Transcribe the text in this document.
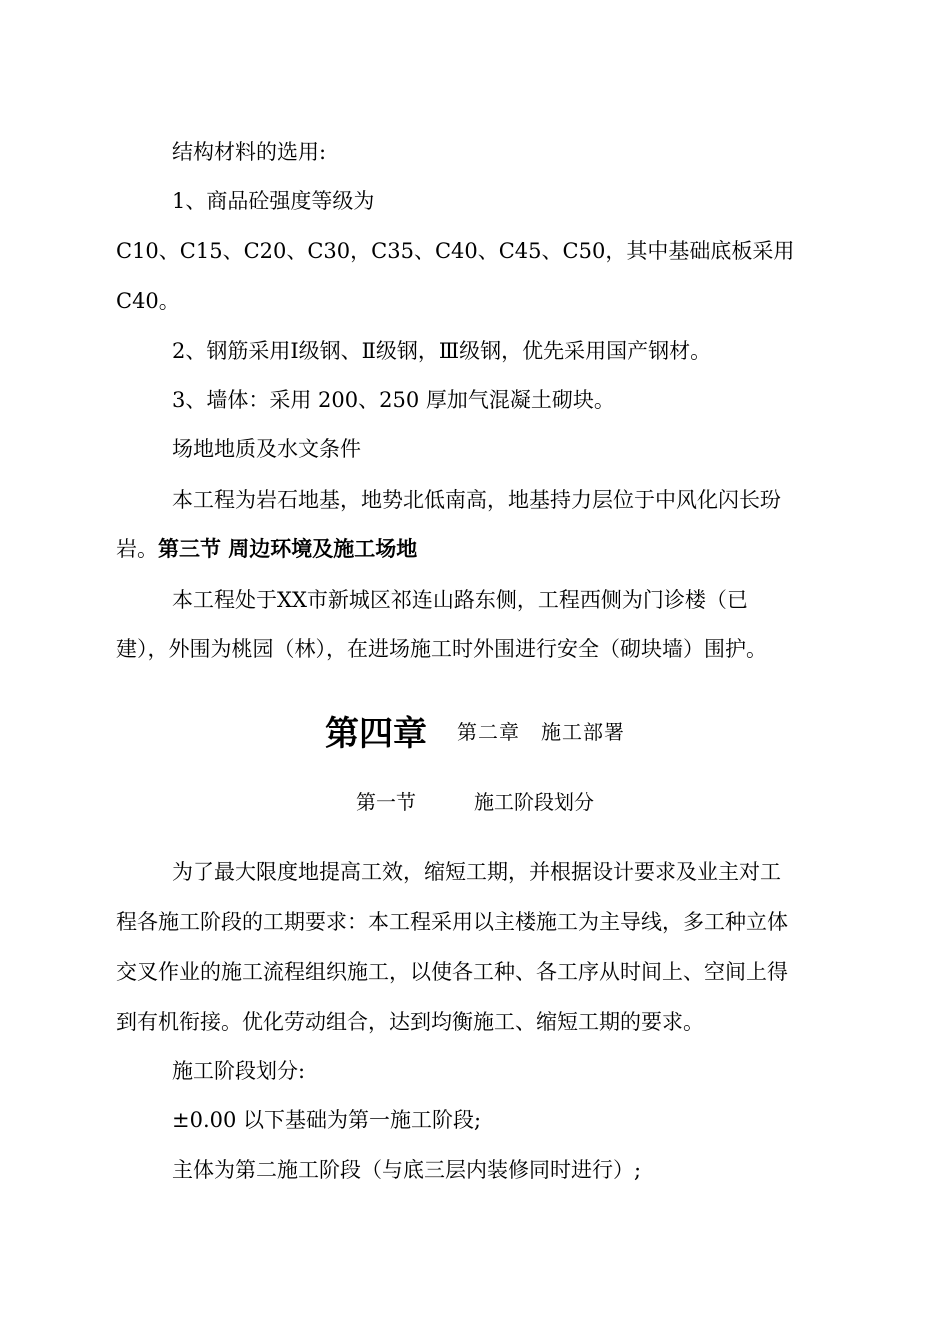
结构材料的选用:
1、商品砼强度等级为
C10、C15、C20、C30，C35、C40、C45、C50，其中基础底板采用
C40。
2、钢筋采用Ⅰ级钢、Ⅱ级钢，Ⅲ级钢，优先采用国产钢材。
3、墙体：采用 200、250 厚加气混凝土砌块。
场地地质及水文条件
本工程为岩石地基，地势北低南高，地基持力层位于中风化闪长玢
岩。第三节 周边环境及施工场地
本工程处于XX市新城区祁连山路东侧，工程西侧为门诊楼（已
建），外围为桃园（林），在进场施工时外围进行安全（砌块墙）围护。
第四章 第二章　施工部署
第一节	施工阶段划分
为了最大限度地提高工效，缩短工期，并根据设计要求及业主对工
程各施工阶段的工期要求：本工程采用以主楼施工为主导线，多工种立体
交叉作业的施工流程组织施工，以使各工种、各工序从时间上、空间上得
到有机衔接。优化劳动组合，达到均衡施工、缩短工期的要求。
施工阶段划分:
±0.00 以下基础为第一施工阶段;
主体为第二施工阶段（与底三层内装修同时进行）;
